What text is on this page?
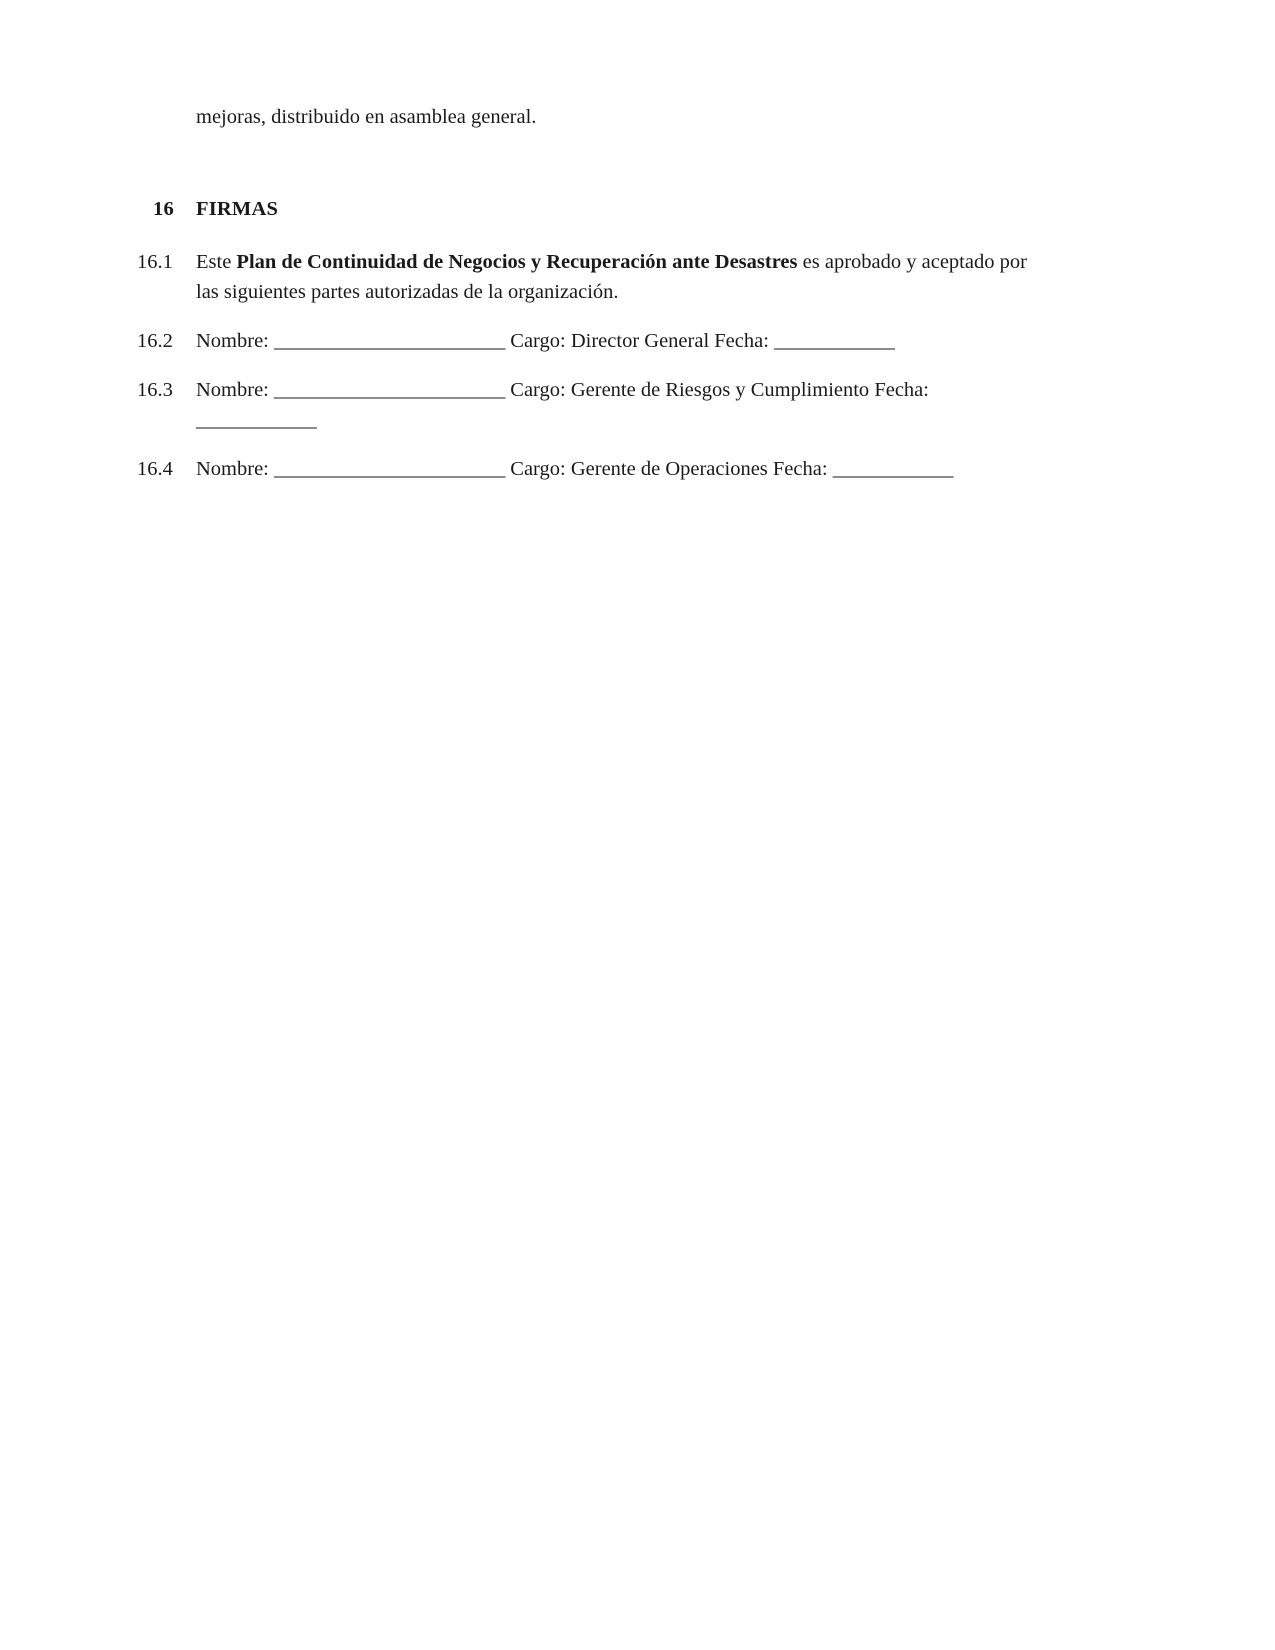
mejoras, distribuido en asamblea general.

16	FIRMAS
16.1	Este Plan de Continuidad de Negocios y Recuperación ante Desastres es aprobado y aceptado por las siguientes partes autorizadas de la organización.
16.2	Nombre: _______________________ Cargo: Director General Fecha: ____________
16.3	Nombre: _______________________ Cargo: Gerente de Riesgos y Cumplimiento Fecha: ____________
16.4	Nombre: _______________________ Cargo: Gerente de Operaciones Fecha: ____________
